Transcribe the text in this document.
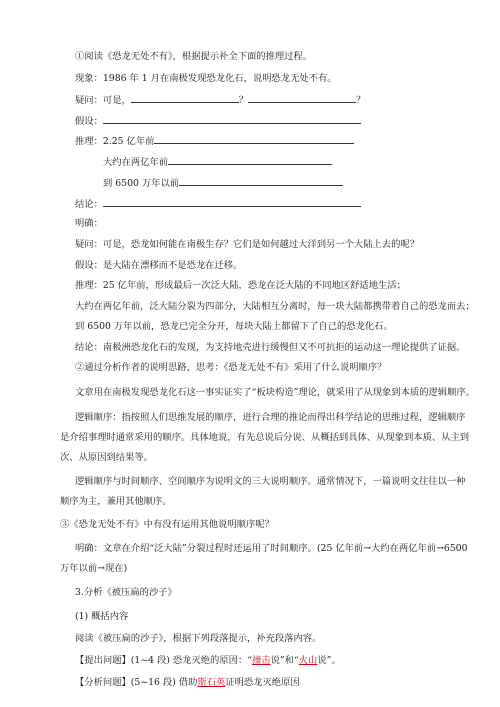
①阅读《恐龙无处不有》，根据提示补全下面的推理过程。
现象：1986 年 1 月在南极发现恐龙化石，说明恐龙无处不有。
疑问：可是，	？	？
假设：
推理：2.25 亿年前
大约在两亿年前
到 6500 万年以前
结论：
明确：
疑问：可是，恐龙如何能在南极生存？它们是如何越过大洋到另一个大陆上去的呢？
假设：是大陆在漂移而不是恐龙在迁移。
推理：25 亿年前，形成最后一次泛大陆，恐龙在泛大陆的不同地区舒适地生活；
大约在两亿年前，泛大陆分裂为四部分，大陆相互分离时，每一块大陆都携带着自己的恐龙而去；
到 6500 万年以前，恐龙已完全分开，每块大陆上都留下了自己的恐龙化石。
结论：南极洲恐龙化石的发现，为支持地壳进行缓慢但又不可抗拒的运动这一理论提供了证据。
②通过分析作者的说明思路，思考：《恐龙无处不有》采用了什么说明顺序？
文章用在南极发现恐龙化石这一事实证实了“板块构造”理论，就采用了从现象到本质的逻辑顺序。
逻辑顺序：指按照人们思维发展的顺序，进行合理的推论而得出科学结论的思维过程，逻辑顺序
是介绍事理时通常采用的顺序。具体地说，有先总说后分说、从概括到具体、从现象到本质、从主到
次、从原因到结果等。
逻辑顺序与时间顺序、空间顺序为说明文的三大说明顺序。通常情况下，一篇说明文往往以一种
顺序为主，兼用其他顺序。
③《恐龙无处不有》中有没有运用其他说明顺序呢？
明确：文章在介绍“泛大陆”分裂过程时还运用了时间顺序。(25 亿年前→大约在两亿年前→6500
万年以前→现在)
3.分析《被压扁的沙子》
(1) 概括内容
阅读《被压扁的沙子》，根据下列段落提示，补充段落内容。
【提出问题】(1~4 段) 恐龙灭绝的原因：“撞击说”和“火山说”。
【分析问题】(5~16 段) 借助斯石英证明恐龙灭绝原因
